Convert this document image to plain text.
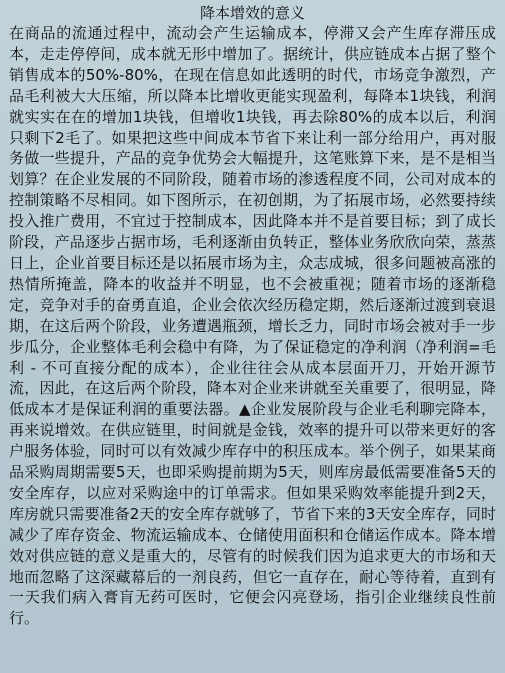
降本增效的意义

在商品的流通过程中，流动会产生运输成本，停滞又会产生库存滞压成本，走走停停间，成本就无形中增加了。据统计，供应链成本占据了整个销售成本的50%-80%，在现在信息如此透明的时代，市场竞争激烈，产品毛利被大大压缩，所以降本比增收更能实现盈利，每降本1块钱，利润就实实在在的增加1块钱，但增收1块钱，再去除80%的成本以后，利润只剩下2毛了。如果把这些中间成本节省下来让利一部分给用户，再对服务做一些提升，产品的竞争优势会大幅提升，这笔账算下来，是不是相当划算？在企业发展的不同阶段，随着市场的渗透程度不同，公司对成本的控制策略不尽相同。如下图所示，在初创期，为了拓展市场，必然要持续投入推广费用，不宜过于控制成本，因此降本并不是首要目标；到了成长阶段，产品逐步占据市场，毛利逐渐由负转正，整体业务欣欣向荣，蒸蒸日上，企业首要目标还是以拓展市场为主，众志成城，很多问题被高涨的热情所掩盖，降本的收益并不明显，也不会被重视；随着市场的逐渐稳定，竞争对手的奋勇直追，企业会依次经历稳定期，然后逐渐过渡到衰退期，在这后两个阶段，业务遭遇瓶颈，增长乏力，同时市场会被对手一步步瓜分，企业整体毛利会稳中有降，为了保证稳定的净利润（净利润=毛利 - 不可直接分配的成本），企业往往会从成本层面开刀，开始开源节流，因此，在这后两个阶段，降本对企业来讲就至关重要了，很明显，降低成本才是保证利润的重要法器。▲企业发展阶段与企业毛利聊完降本，再来说增效。在供应链里，时间就是金钱，效率的提升可以带来更好的客户服务体验，同时可以有效减少库存中的积压成本。举个例子，如果某商品采购周期需要5天，也即采购提前期为5天，则库房最低需要准备5天的安全库存，以应对采购途中的订单需求。但如果采购效率能提升到2天，库房就只需要准备2天的安全库存就够了，节省下来的3天安全库存，同时减少了库存资金、物流运输成本、仓储使用面积和仓储运作成本。降本增效对供应链的意义是重大的，尽管有的时候我们因为追求更大的市场和天地而忽略了这深藏幕后的一剂良药，但它一直存在，耐心等待着，直到有一天我们病入膏肓无药可医时，它便会闪亮登场，指引企业继续良性前行。
